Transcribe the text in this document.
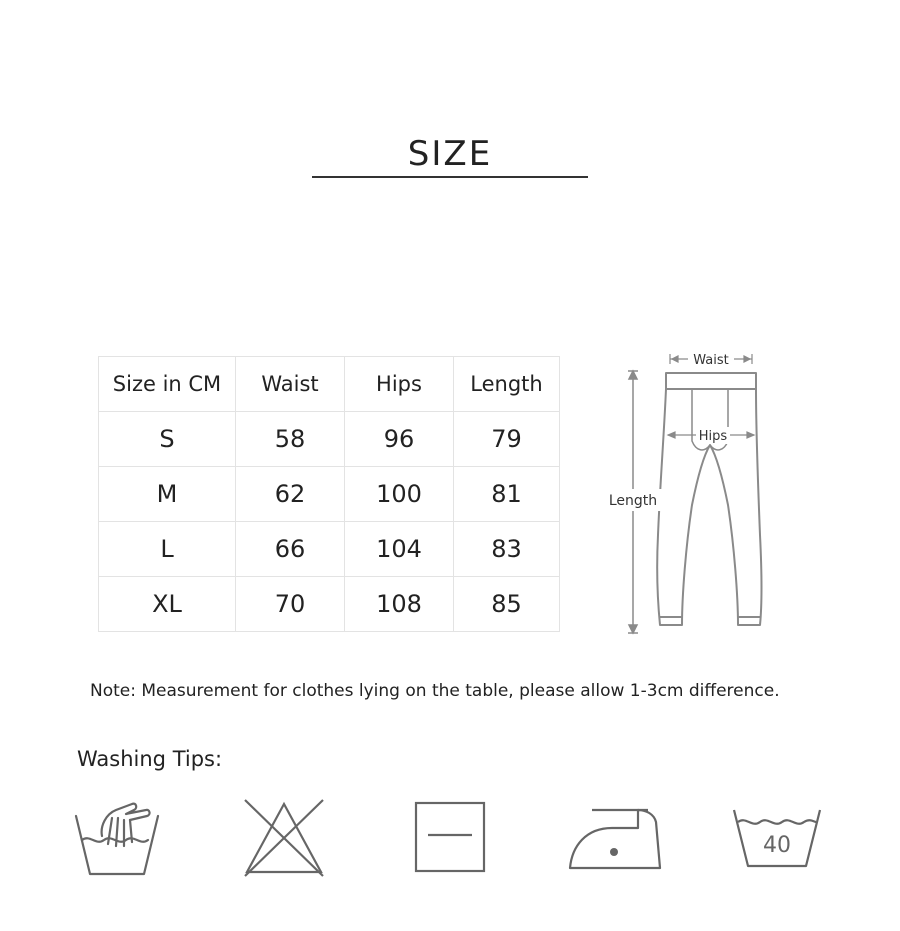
SIZE
Size in CM	Waist	Hips	Length
S	58	96	79
M	62	100	81
L	66	104	83
XL	70	108	85
Length
Waist
Hips
Note: Measurement for clothes lying on the table, please allow 1-3cm difference.
Washing Tips:
40
